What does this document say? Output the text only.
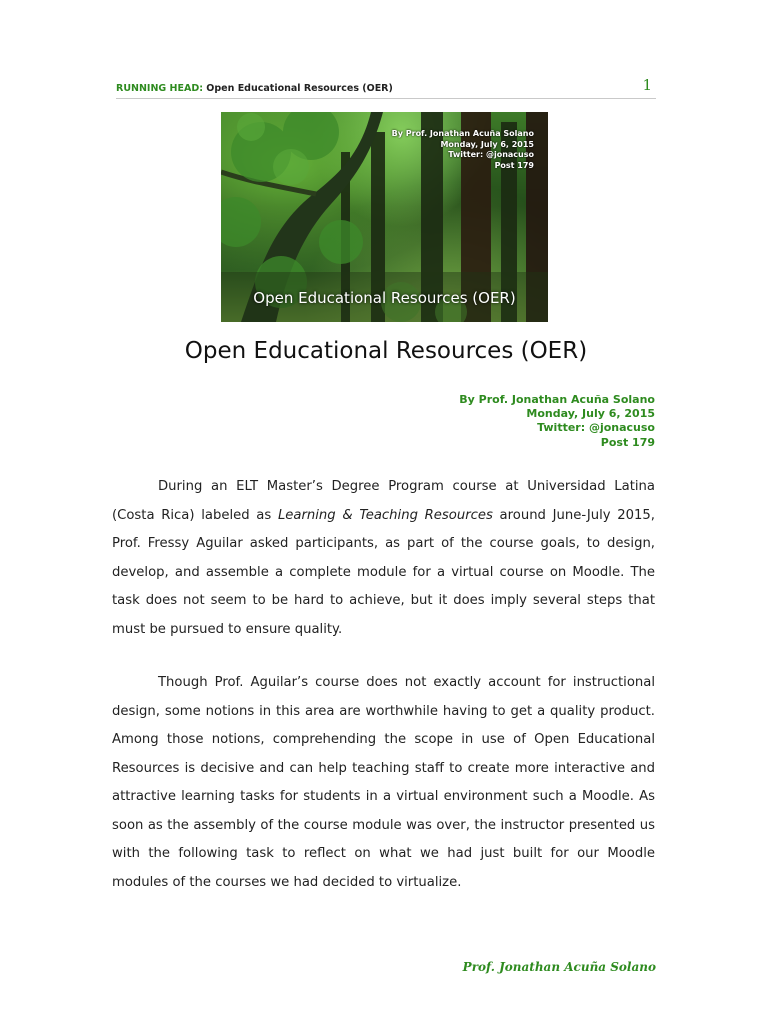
RUNNING HEAD: Open Educational Resources (OER)	1
By Prof. Jonathan Acuña Solano
Monday, July 6, 2015
Twitter: @jonacuso
Post 179
Open Educational Resources (OER)
Open Educational Resources (OER)
By Prof. Jonathan Acuña Solano
Monday, July 6, 2015
Twitter: @jonacuso
Post 179

During an ELT Master’s Degree Program course at Universidad Latina (Costa Rica) labeled as Learning & Teaching Resources around June-July 2015, Prof. Fressy Aguilar asked participants, as part of the course goals, to design, develop, and assemble a complete module for a virtual course on Moodle. The task does not seem to be hard to achieve, but it does imply several steps that must be pursued to ensure quality.

Though Prof. Aguilar’s course does not exactly account for instructional design, some notions in this area are worthwhile having to get a quality product. Among those notions, comprehending the scope in use of Open Educational Resources is decisive and can help teaching staff to create more interactive and attractive learning tasks for students in a virtual environment such a Moodle. As soon as the assembly of the course module was over, the instructor presented us with the following task to reflect on what we had just built for our Moodle modules of the courses we had decided to virtualize.

Prof. Jonathan Acuña Solano
